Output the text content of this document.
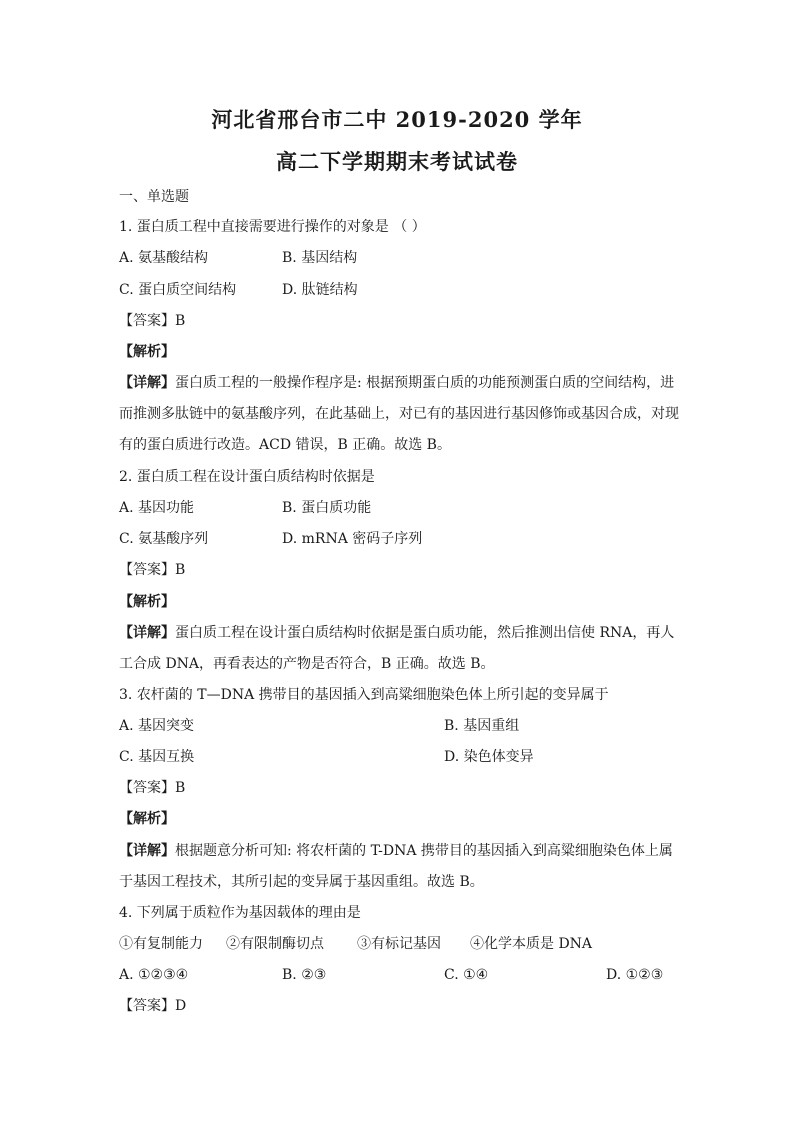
河北省邢台市二中 2019-2020 学年
高二下学期期末考试试卷
一、单选题
1. 蛋白质工程中直接需要进行操作的对象是 （ ）
A. 氨基酸结构	B. 基因结构
C. 蛋白质空间结构	D. 肽链结构
【答案】B
【解析】
【详解】蛋白质工程的一般操作程序是: 根据预期蛋白质的功能预测蛋白质的空间结构，进
而推测多肽链中的氨基酸序列，在此基础上，对已有的基因进行基因修饰或基因合成，对现
有的蛋白质进行改造。ACD 错误，B 正确。故选 B。
2. 蛋白质工程在设计蛋白质结构时依据是
A. 基因功能	B. 蛋白质功能
C. 氨基酸序列	D. mRNA 密码子序列
【答案】B
【解析】
【详解】蛋白质工程在设计蛋白质结构时依据是蛋白质功能，然后推测出信使 RNA，再人
工合成 DNA，再看表达的产物是否符合，B 正确。故选 B。
3. 农杆菌的 T—DNA 携带目的基因插入到高粱细胞染色体上所引起的变异属于
A. 基因突变	B. 基因重组
C. 基因互换	D. 染色体变异
【答案】B
【解析】
【详解】根据题意分析可知: 将农杆菌的 T-DNA 携带目的基因插入到高粱细胞染色体上属
于基因工程技术，其所引起的变异属于基因重组。故选 B。
4. 下列属于质粒作为基因载体的理由是
①有复制能力 ②有限制酶切点 ③有标记基因 ④化学本质是 DNA
A. ①②③④	B. ②③	C. ①④	D. ①②③
【答案】D
